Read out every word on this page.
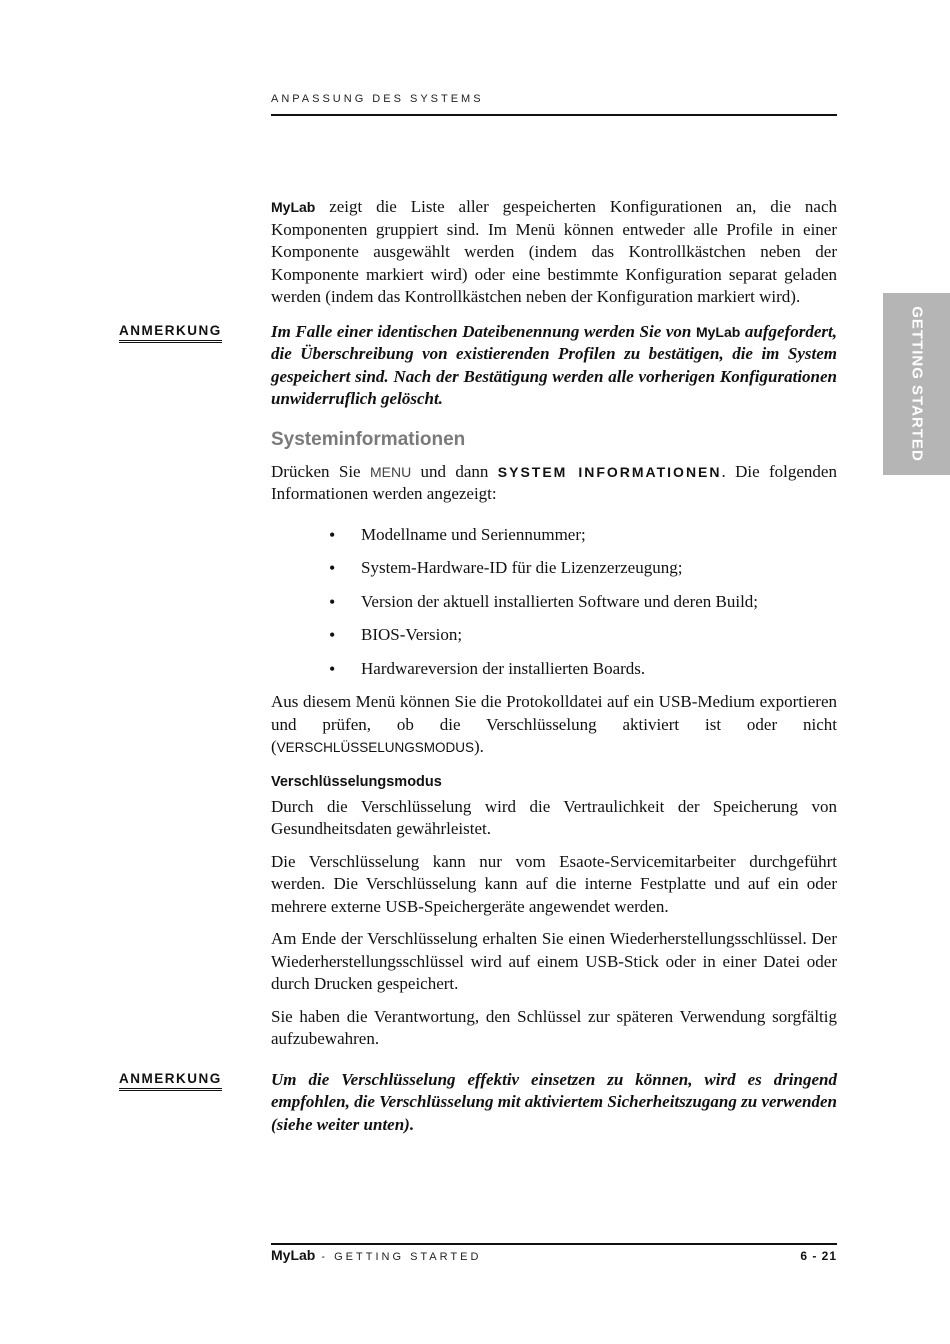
ANPASSUNG DES SYSTEMS
GETTING STARTED

MyLab zeigt die Liste aller gespeicherten Konfigurationen an, die nach Komponenten gruppiert sind. Im Menü können entweder alle Profile in einer Komponente ausgewählt werden (indem das Kontrollkästchen neben der Komponente markiert wird) oder eine bestimmte Konfiguration separat geladen werden (indem das Kontrollkästchen neben der Konfiguration markiert wird).

ANMERKUNG	Im Falle einer identischen Dateibenennung werden Sie von MyLab aufgefordert, die Überschreibung von existierenden Profilen zu bestätigen, die im System gespeichert sind. Nach der Bestätigung werden alle vorherigen Konfigurationen unwiderruflich gelöscht.

Systeminformationen

Drücken Sie MENU und dann SYSTEM INFORMATIONEN. Die folgenden Informationen werden angezeigt:

• Modellname und Seriennummer;
• System-Hardware-ID für die Lizenzerzeugung;
• Version der aktuell installierten Software und deren Build;
• BIOS-Version;
• Hardwareversion der installierten Boards.

Aus diesem Menü können Sie die Protokolldatei auf ein USB-Medium exportieren und prüfen, ob die Verschlüsselung aktiviert ist oder nicht (VERSCHLÜSSELUNGSMODUS).

Verschlüsselungsmodus

Durch die Verschlüsselung wird die Vertraulichkeit der Speicherung von Gesundheitsdaten gewährleistet.

Die Verschlüsselung kann nur vom Esaote-Servicemitarbeiter durchgeführt werden. Die Verschlüsselung kann auf die interne Festplatte und auf ein oder mehrere externe USB-Speichergeräte angewendet werden.

Am Ende der Verschlüsselung erhalten Sie einen Wiederherstellungsschlüssel. Der Wiederherstellungsschlüssel wird auf einem USB-Stick oder in einer Datei oder durch Drucken gespeichert.

Sie haben die Verantwortung, den Schlüssel zur späteren Verwendung sorgfältig aufzubewahren.

ANMERKUNG	Um die Verschlüsselung effektiv einsetzen zu können, wird es dringend empfohlen, die Verschlüsselung mit aktiviertem Sicherheitszugang zu verwenden (siehe weiter unten).

MyLab - GETTING STARTED	6 - 21
